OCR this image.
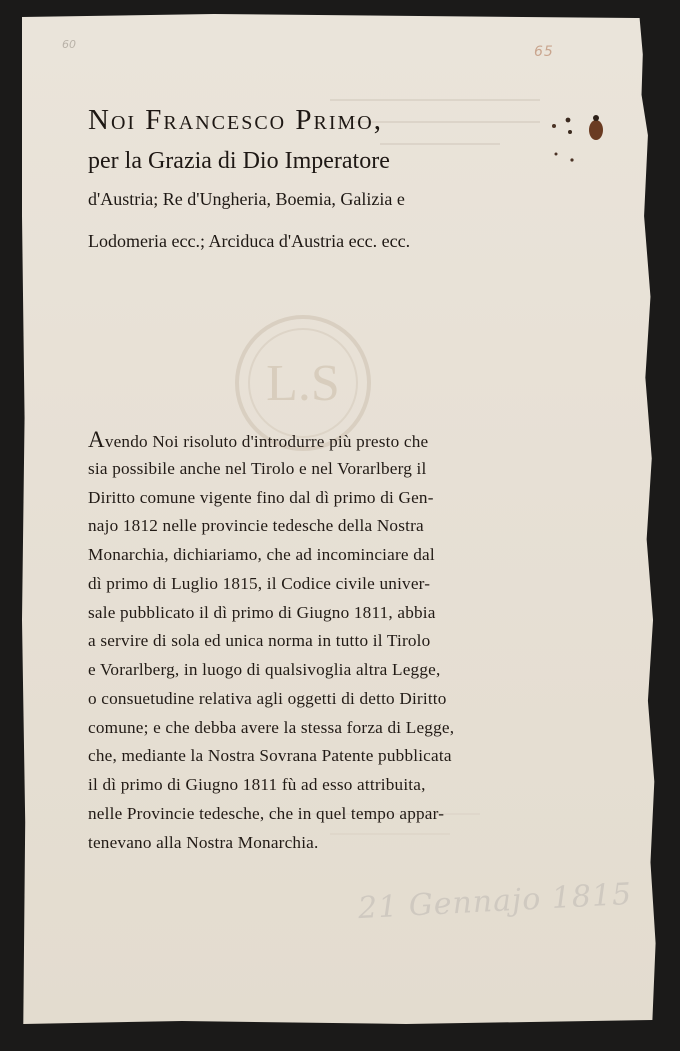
60	65
L.S
Noi Francesco Primo,
per la Grazia di Dio Imperatore
d'Austria; Re d'Ungheria, Boemia, Galizia e
Lodomeria ecc.; Arciduca d'Austria ecc. ecc.
Avendo Noi risoluto d'introdurre più presto che
sia possibile anche nel Tirolo e nel Vorarlberg il
Diritto comune vigente fino dal dì primo di Gen-
najo 1812 nelle provincie tedesche della Nostra
Monarchia, dichiariamo, che ad incominciare dal
dì primo di Luglio 1815, il Codice civile univer-
sale pubblicato il dì primo di Giugno 1811, abbia
a servire di sola ed unica norma in tutto il Tirolo
e Vorarlberg, in luogo di qualsivoglia altra Legge,
o consuetudine relativa agli oggetti di detto Diritto
comune; e che debba avere la stessa forza di Legge,
che, mediante la Nostra Sovrana Patente pubblicata
il dì primo di Giugno 1811 fù ad esso attribuita,
nelle Provincie tedesche, che in quel tempo appar-
tenevano alla Nostra Monarchia.
21 Gennajo 1815
